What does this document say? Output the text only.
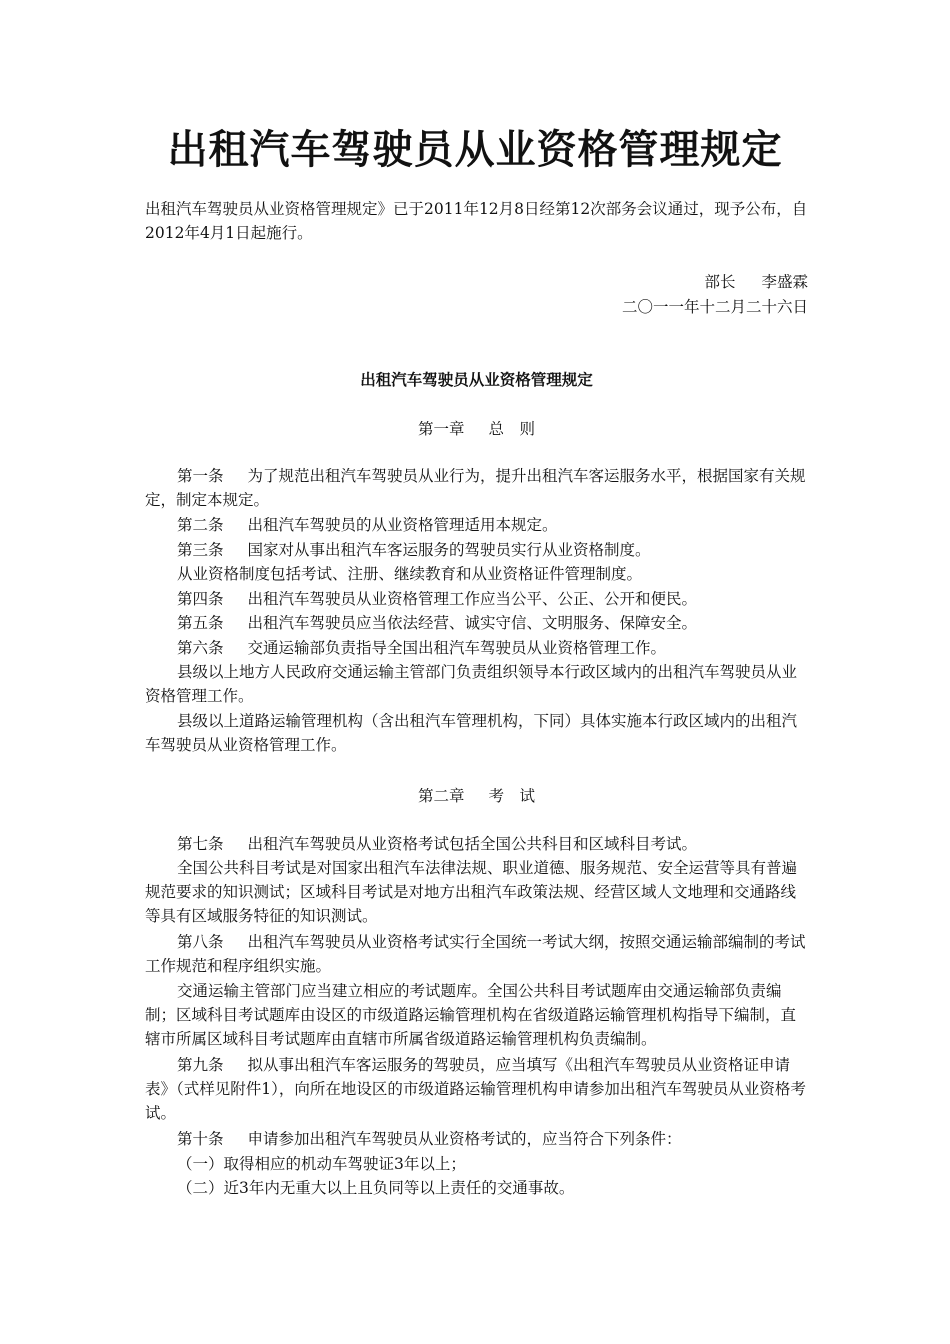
出租汽车驾驶员从业资格管理规定

出租汽车驾驶员从业资格管理规定》已于2011年12月8日经第12次部务会议通过，现予公布，自2012年4月1日起施行。

部长 李盛霖

二〇一一年十二月二十六日

出租汽车驾驶员从业资格管理规定

第一章 总　则

第一条 为了规范出租汽车驾驶员从业行为，提升出租汽车客运服务水平，根据国家有关规定，制定本规定。

第二条 出租汽车驾驶员的从业资格管理适用本规定。

第三条 国家对从事出租汽车客运服务的驾驶员实行从业资格制度。

从业资格制度包括考试、注册、继续教育和从业资格证件管理制度。

第四条 出租汽车驾驶员从业资格管理工作应当公平、公正、公开和便民。

第五条 出租汽车驾驶员应当依法经营、诚实守信、文明服务、保障安全。

第六条 交通运输部负责指导全国出租汽车驾驶员从业资格管理工作。

县级以上地方人民政府交通运输主管部门负责组织领导本行政区域内的出租汽车驾驶员从业资格管理工作。

县级以上道路运输管理机构（含出租汽车管理机构，下同）具体实施本行政区域内的出租汽车驾驶员从业资格管理工作。

第二章 考　试

第七条 出租汽车驾驶员从业资格考试包括全国公共科目和区域科目考试。

全国公共科目考试是对国家出租汽车法律法规、职业道德、服务规范、安全运营等具有普遍规范要求的知识测试；区域科目考试是对地方出租汽车政策法规、经营区域人文地理和交通路线等具有区域服务特征的知识测试。

第八条 出租汽车驾驶员从业资格考试实行全国统一考试大纲，按照交通运输部编制的考试工作规范和程序组织实施。

交通运输主管部门应当建立相应的考试题库。全国公共科目考试题库由交通运输部负责编制；区域科目考试题库由设区的市级道路运输管理机构在省级道路运输管理机构指导下编制，直辖市所属区域科目考试题库由直辖市所属省级道路运输管理机构负责编制。

第九条 拟从事出租汽车客运服务的驾驶员，应当填写《出租汽车驾驶员从业资格证申请表》（式样见附件1），向所在地设区的市级道路运输管理机构申请参加出租汽车驾驶员从业资格考试。

第十条 申请参加出租汽车驾驶员从业资格考试的，应当符合下列条件：

（一）取得相应的机动车驾驶证3年以上；

（二）近3年内无重大以上且负同等以上责任的交通事故。
